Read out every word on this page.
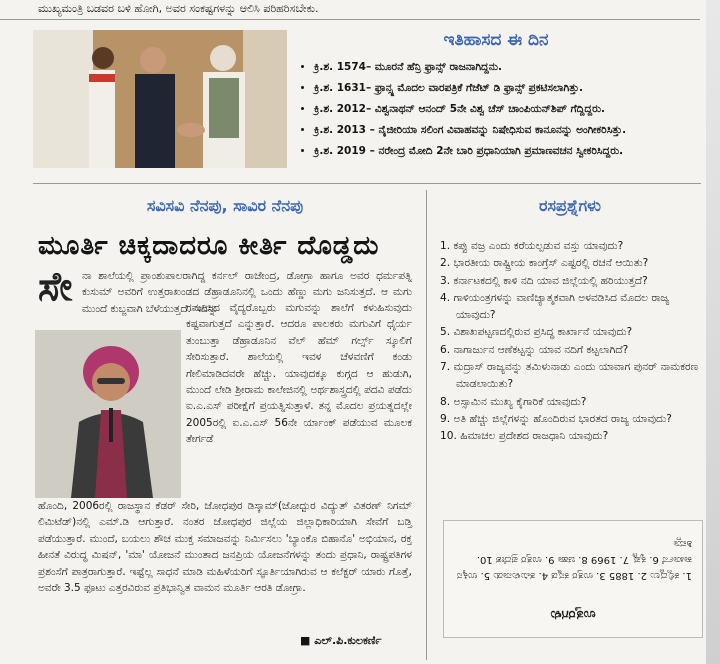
ಮುಖ್ಯಮಂತ್ರಿ ಬಡವರ ಬಳಿ ಹೋಗಿ, ಅವರ ಸಂಕಷ್ಟಗಳನ್ನು ಆಲಿಸಿ ಪರಿಹರಿಸಬೇಕು.
ಇತಿಹಾಸದ ಈ ದಿನ
• ಕ್ರಿ.ಶ. 1574– ಮೂರನೆ ಹೆನ್ರಿ ಫ್ರಾನ್ಸ್ ರಾಜನಾಗಿದ್ದನು.
• ಕ್ರಿ.ಶ. 1631– ಫ್ರಾನ್ಸ್ನ ಮೊದಲ ವಾರಪತ್ರಿಕೆ ಗೆಜೆಟ್ ಡಿ ಫ್ರಾನ್ಸ್ ಪ್ರಕಟಿಸಲಾಗಿತ್ತು.
• ಕ್ರಿ.ಶ. 2012– ವಿಶ್ವನಾಥನ್ ಆನಂದ್ 5ನೇ ವಿಶ್ವ ಚೆಸ್ ಚಾಂಪಿಯನ್‌ಶಿಪ್ ಗೆದ್ದಿದ್ದರು.
• ಕ್ರಿ.ಶ. 2013 – ನೈಜೀರಿಯಾ ಸಲಿಂಗ ವಿವಾಹವನ್ನು ನಿಷೇಧಿಸುವ ಕಾನೂನನ್ನು ಅಂಗೀಕರಿಸಿತ್ತು.
• ಕ್ರಿ.ಶ. 2019 – ನರೇಂದ್ರ ಮೋದಿ 2ನೇ ಬಾರಿ ಪ್ರಧಾನಿಯಾಗಿ ಪ್ರಮಾಣವಚನ ಸ್ವೀಕರಿಸಿದ್ದರು.
ಸವಿಸವಿ ನೆನಪು, ಸಾವಿರ ನೆನಪು
ಮೂರ್ತಿ ಚಿಕ್ಕದಾದರೂ ಕೀರ್ತಿ ದೊಡ್ಡದು
ಸೇ ನಾ ಶಾಲೆಯಲ್ಲಿ ಪ್ರಾಂಶುಪಾಲರಾಗಿದ್ದ ಕರ್ನಲ್ ರಾಜೇಂದ್ರ, ಡೋಗ್ರಾ ಹಾಗೂ ಅವರ ಧರ್ಮಪತ್ನಿ ಕುಸುಮ್ ಅವರಿಗೆ ಉತ್ತರಾಖಂಡದ ಡೆಹ್ರಾಡೂನಿನಲ್ಲಿ ಒಂದು ಹೆಣ್ಣು ಮಗು ಜನಿಸುತ್ತದೆ. ಆ ಮಗು ಮುಂದೆ ಕುಬ್ಜವಾಗಿ ಬೆಳೆಯುತ್ತದೆ. ಇದನ್ನು
ಗಮನಿಸಿದ ವೈದ್ಯರೊಬ್ಬರು ಮಗುವನ್ನು ಶಾಲೆಗೆ ಕಳುಹಿಸುವುದು ಕಷ್ಟವಾಗುತ್ತದೆ ಎನ್ನುತ್ತಾರೆ. ಆದರೂ ಪಾಲಕರು ಮಗುವಿಗೆ ಧೈರ್ಯ ತುಂಬುತ್ತಾ ಡೆಹ್ರಾಡೂನಿನ ವೆಲ್ ಹೆಮ್ ಗರ್ಲ್ಸ್ ಸ್ಕೂಲಿಗೆ ಸೇರಿಸುತ್ತಾರೆ. ಶಾಲೆಯಲ್ಲಿ ಇವಳ ಚೆಳವಣಿಗೆ ಕಂಡು ಗೇಲಿಮಾಡಿದವರೇ ಹೆಚ್ಚು. ಯಾವುದಕ್ಕೂ ಕುಗ್ಗದ ಆ ಹುಡುಗಿ, ಮುಂದೆ ಲೇಡಿ ಶ್ರೀರಾಮ ಕಾಲೇಜಿನಲ್ಲಿ ಅರ್ಥಶಾಸ್ತ್ರದಲ್ಲಿ ಪದವಿ ಪಡೆದು ಐ.ಎ.ಎಸ್ ಪರೀಕ್ಷೆಗೆ ಪ್ರಯತ್ನಿಸುತ್ತಾಳೆ. ತನ್ನ ಮೊದಲ ಪ್ರಯತ್ನದಲ್ಲೇ 2005ರಲ್ಲಿ ಐ.ಎ.ಎಸ್ 56ನೇ ರ್ಯಾಂಕ್ ಪಡೆಯುವ ಮೂಲಕ ತೇರ್ಗಡೆ
ಹೊಂದಿ, 2006ರಲ್ಲಿ ರಾಜಸ್ಥಾನ ಕೆಡರ್ ಸೇರಿ, ಜೋಧಪುರ ಡಿಸ್ಕಾಮ್(ಜೋಧ್ಪುರ ವಿದ್ಯುತ್ ವಿತರಣ್ ನಿಗಮ್ ಲಿಮಿಟೆಡ್)ನಲ್ಲಿ ಎಮ್.ಡಿ ಆಗುತ್ತಾರೆ. ನಂತರ ಜೋಧಪುರ ಜಿಲ್ಲೆಯ ಜಿಲ್ಲಾಧಿಕಾರಿಯಾಗಿ ಸೇವೆಗೆ ಬಡ್ತಿ ಪಡೆಯುತ್ತಾರೆ. ಮುಂದೆ, ಬಯಲು ಶೌಚ ಮುಕ್ತ ಸಮಾಜವನ್ನು ನಿರ್ಮಿಸಲು 'ಬ್ಯಾಂಕೊ ಬಿಹಾನೊ' ಅಭಿಯಾನ, ರಕ್ತ ಹೀನತೆ ವಿರುದ್ಧ ಮಿಷನ್, 'ಮಾ' ಯೋಜನೆ ಮುಂತಾದ ಜನಪ್ರಿಯ ಯೋಜನೆಗಳನ್ನು ತಂದು ಪ್ರಧಾನಿ, ರಾಷ್ಟ್ರಪತಿಗಳ ಪ್ರಶಂಸೆಗೆ ಪಾತ್ರರಾಗುತ್ತಾರೆ. ಇಷ್ಟೆಲ್ಲ ಸಾಧನೆ ಮಾಡಿ ಮಹಿಳೆಯರಿಗೆ ಸ್ಫೂರ್ತಿಯಾಗಿರುವ ಆ ಕಲೆಕ್ಟರ್ ಯಾರು ಗೊತ್ತೆ, ಅವರೇ 3.5 ಫೂಟು ಎತ್ತರವಿರುವ ಪ್ರತಿಭಾನ್ವಿತ ವಾಮನ ಮೂರ್ತಿ ಆರತಿ ಡೋಗ್ರಾ.
■ ಎಲ್.ಪಿ.ಕುಲಕರ್ಣಿ
ರಸಪ್ರಶ್ನೆಗಳು
1. ಕಪ್ಪು ವಜ್ರ ಎಂದು ಕರೆಯಲ್ಪಡುವ ವಸ್ತು ಯಾವುದು?
2. ಭಾರತೀಯ ರಾಷ್ಟ್ರೀಯ ಕಾಂಗ್ರೆಸ್ ಎಷ್ಟರಲ್ಲಿ ರಚನೆ ಆಯಿತು?
3. ಕರ್ನಾಟಕದಲ್ಲಿ ಕಾಳಿ ನದಿ ಯಾವ ಜಿಲ್ಲೆಯಲ್ಲಿ ಹರಿಯುತ್ತದೆ?
4. ಗಾಳಿಯಂತ್ರಗಳನ್ನು ವಾಣಿಜ್ಯಾತ್ಮಕವಾಗಿ ಅಳವಡಿಸಿದ ಮೊದಲ ರಾಜ್ಯ ಯಾವುದು?
5. ವಿಶಾಖಪಟ್ಟಣದಲ್ಲಿರುವ ಪ್ರಸಿದ್ಧ ಕಾರ್ಖಾನೆ ಯಾವುದು?
6. ನಾಗಾರ್ಜುನ ಆಣೆಕಟ್ಟನ್ನು ಯಾವ ನದಿಗೆ ಕಟ್ಟಲಾಗಿದೆ?
7. ಮದ್ರಾಸ್ ರಾಜ್ಯವನ್ನು ತಮಿಳುನಾಡು ಎಂದು ಯಾವಾಗ ಪುನರ್ ನಾಮಕರಣ ಮಾಡಲಾಯಿತು?
8. ಅಸ್ಸಾಮಿನ ಮುಖ್ಯ ಕೈಗಾರಿಕೆ ಯಾವುದು?
9. ಅತಿ ಹೆಚ್ಚು ಜಿಲ್ಲೆಗಳನ್ನು ಹೊಂದಿರುವ ಭಾರತದ ರಾಜ್ಯ ಯಾವುದು?
10. ಹಿಮಾಚಲ ಪ್ರದೇಶದ ರಾಜಧಾನಿ ಯಾವುದು?
1. ಕಲ್ಲಿದ್ದಲು 2. 1885 3. ಉತ್ತರ ಕನ್ನಡ 4. ತಮಿಳುನಾಡು 5. ಉಕ್ಕಿನ ಕಾರ್ಖಾನೆ 6. ಕೃಷ್ಣ 7. 1969 8. ಚಹಾ 9. ಉತ್ತರ ಪ್ರದೇಶ 10. ಶಿಮ್ಲಾ
ಉತ್ತರಗಳು
